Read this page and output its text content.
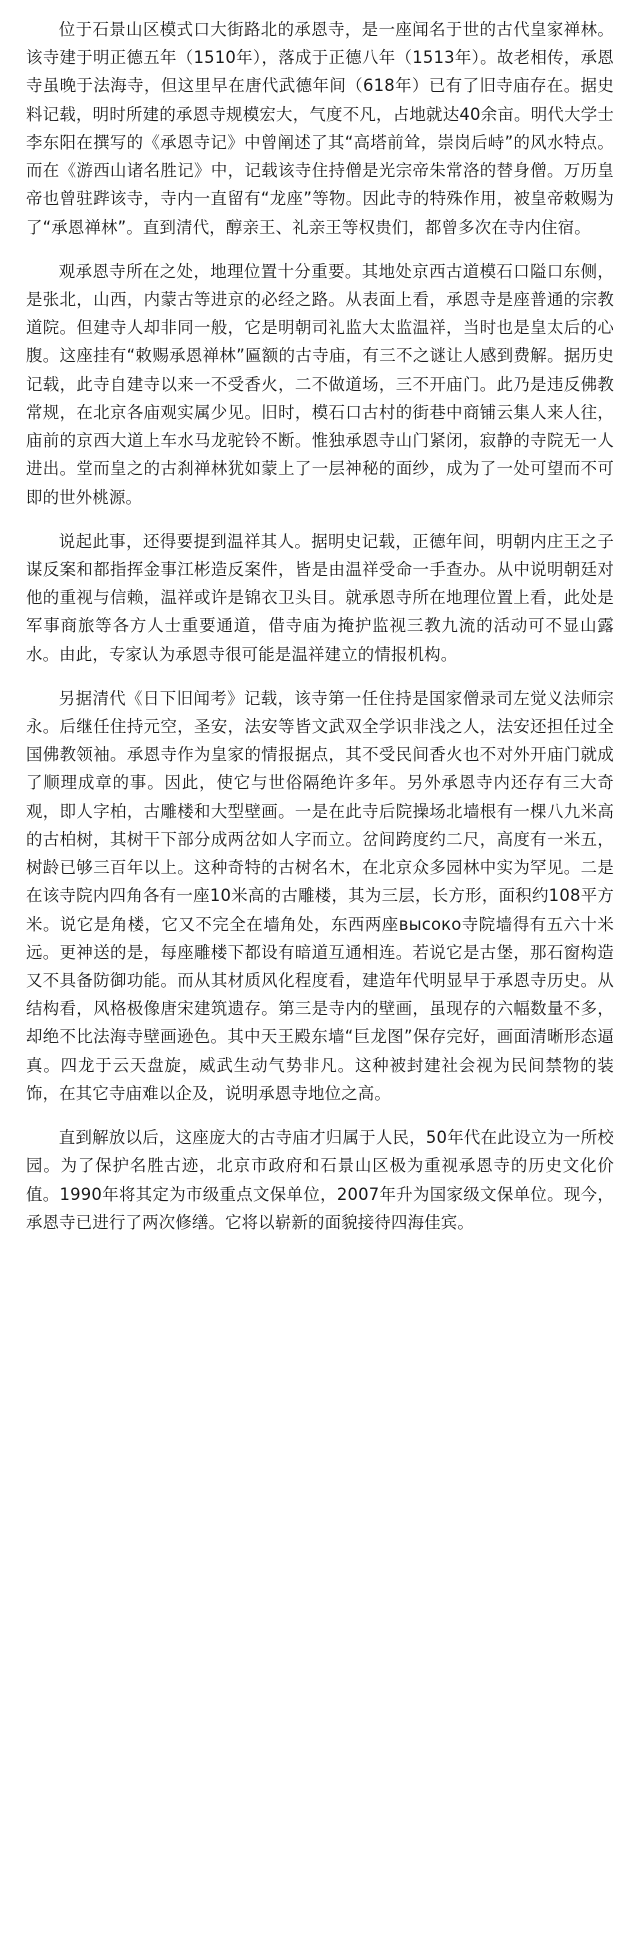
位于石景山区模式口大街路北的承恩寺，是一座闻名于世的古代皇家禅林。该寺建于明正德五年（1510年），落成于正德八年（1513年）。故老相传，承恩寺虽晚于法海寺，但这里早在唐代武德年间（618年）已有了旧寺庙存在。据史料记载，明时所建的承恩寺规模宏大，气度不凡，占地就达40余亩。明代大学士李东阳在撰写的《承恩寺记》中曾阐述了其“高塔前耸，崇岗后峙”的风水特点。而在《游西山诸名胜记》中，记载该寺住持僧是光宗帝朱常洛的替身僧。万历皇帝也曾驻跸该寺，寺内一直留有“龙座”等物。因此寺的特殊作用，被皇帝敕赐为了“承恩禅林”。直到清代，醇亲王、礼亲王等权贵们，都曾多次在寺内住宿。

观承恩寺所在之处，地理位置十分重要。其地处京西古道模石口隘口东侧，是张北，山西，内蒙古等进京的必经之路。从表面上看，承恩寺是座普通的宗教道院。但建寺人却非同一般，它是明朝司礼监大太监温祥，当时也是皇太后的心腹。这座挂有“敕赐承恩禅林”匾额的古寺庙，有三不之谜让人感到费解。据历史记载，此寺自建寺以来一不受香火，二不做道场，三不开庙门。此乃是违反佛教常规，在北京各庙观实属少见。旧时，模石口古村的街巷中商铺云集人来人往，庙前的京西大道上车水马龙驼铃不断。惟独承恩寺山门紧闭，寂静的寺院无一人进出。堂而皇之的古刹禅林犹如蒙上了一层神秘的面纱，成为了一处可望而不可即的世外桃源。

说起此事，还得要提到温祥其人。据明史记载，正德年间，明朝内庄王之子谋反案和都指挥金事江彬造反案件，皆是由温祥受命一手查办。从中说明朝廷对他的重视与信赖，温祥或许是锦衣卫头目。就承恩寺所在地理位置上看，此处是军事商旅等各方人士重要通道，借寺庙为掩护监视三教九流的活动可不显山露水。由此，专家认为承恩寺很可能是温祥建立的情报机构。

另据清代《日下旧闻考》记载，该寺第一任住持是国家僧录司左觉义法师宗永。后继任住持元空，圣安，法安等皆文武双全学识非浅之人，法安还担任过全国佛教领袖。承恩寺作为皇家的情报据点，其不受民间香火也不对外开庙门就成了顺理成章的事。因此，使它与世俗隔绝许多年。另外承恩寺内还存有三大奇观，即人字柏，古雕楼和大型壁画。一是在此寺后院操场北墙根有一棵八九米高的古柏树，其树干下部分成两岔如人字而立。岔间跨度约二尺，高度有一米五，树龄已够三百年以上。这种奇特的古树名木，在北京众多园林中实为罕见。二是在该寺院内四角各有一座10米高的古雕楼，其为三层，长方形，面积约108平方米。说它是角楼，它又不完全在墙角处，东西两座высоко寺院墙得有五六十米远。更神送的是，每座雕楼下都设有暗道互通相连。若说它是古堡，那石窗构造又不具备防御功能。而从其材质风化程度看，建造年代明显早于承恩寺历史。从结构看，风格极像唐宋建筑遗存。第三是寺内的壁画，虽现存的六幅数量不多，却绝不比法海寺壁画逊色。其中天王殿东墙“巨龙图”保存完好，画面清晰形态逼真。四龙于云天盘旋，威武生动气势非凡。这种被封建社会视为民间禁物的装饰，在其它寺庙难以企及，说明承恩寺地位之高。

直到解放以后，这座庞大的古寺庙才归属于人民，50年代在此设立为一所校园。为了保护名胜古迹，北京市政府和石景山区极为重视承恩寺的历史文化价值。1990年将其定为市级重点文保单位，2007年升为国家级文保单位。现今，承恩寺已进行了两次修缮。它将以崭新的面貌接待四海佳宾。
